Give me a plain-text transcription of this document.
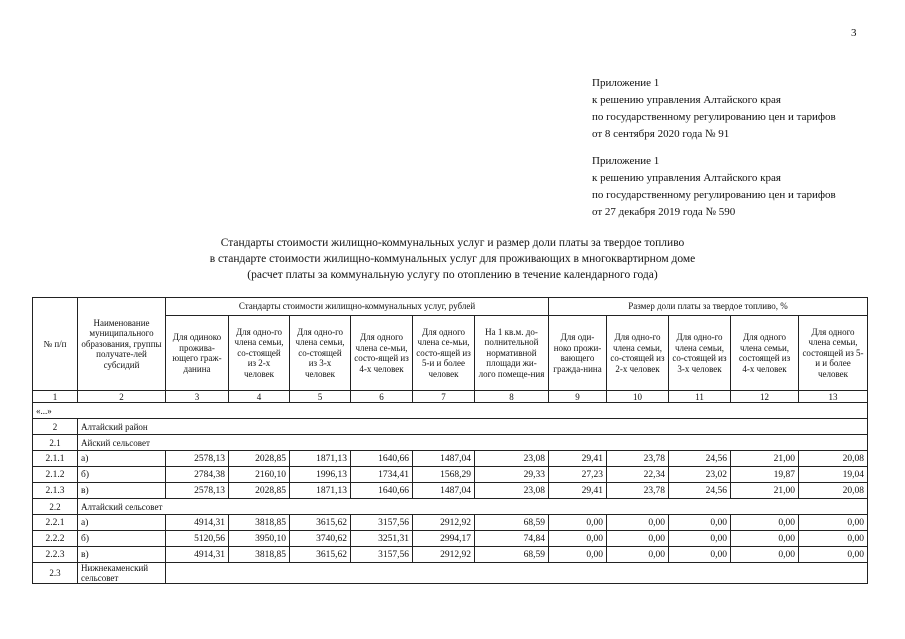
3
Приложение 1
к решению управления Алтайского края
по государственному регулированию цен и тарифов
от 8 сентября 2020 года № 91
Приложение 1
к решению управления Алтайского края
по государственному регулированию цен и тарифов
от 27 декабря 2019 года № 590
Стандарты стоимости жилищно-коммунальных услуг и размер доли платы за твердое топливо
в стандарте стоимости жилищно-коммунальных услуг для проживающих в многоквартирном доме
(расчет платы за коммунальную услугу по отоплению в течение календарного года)
№ п/п	Наименование муниципального образования, группы получате-лей субсидий	Стандарты стоимости жилищно-коммунальных услуг, рублей						Размер доли платы за твердое топливо, %				
		Для одиноко прожива-ющего граж-данина	Для одно-го члена семьи, со-стоящей из 2-х человек	Для одно-го члена семьи, со-стоящей из 3-х человек	Для одного члена се-мьи, состо-ящей из 4-х человек	Для одного члена се-мьи, состо-ящей из 5-и и более человек	На 1 кв.м. до-полнительной нормативной площади жи-лого помеще-ния	Для оди-ноко прожи-вающего гражда-нина	Для одно-го члена семьи, со-стоящей из 2-х человек	Для одно-го члена семьи, со-стоящей из 3-х человек	Для одного члена семьи, состоящей из 4-х человек	Для одного члена семьи, состоящей из 5-и и более человек
1	2	3	4	5	6	7	8	9	10	11	12	13
«...»												
2	Алтайский район											
2.1	Айский сельсовет											
2.1.1	а)	2578,13	2028,85	1871,13	1640,66	1487,04	23,08	29,41	23,78	24,56	21,00	20,08
2.1.2	б)	2784,38	2160,10	1996,13	1734,41	1568,29	29,33	27,23	22,34	23,02	19,87	19,04
2.1.3	в)	2578,13	2028,85	1871,13	1640,66	1487,04	23,08	29,41	23,78	24,56	21,00	20,08
2.2	Алтайский сельсовет											
2.2.1	а)	4914,31	3818,85	3615,62	3157,56	2912,92	68,59	0,00	0,00	0,00	0,00	0,00
2.2.2	б)	5120,56	3950,10	3740,62	3251,31	2994,17	74,84	0,00	0,00	0,00	0,00	0,00
2.2.3	в)	4914,31	3818,85	3615,62	3157,56	2912,92	68,59	0,00	0,00	0,00	0,00	0,00
2.3	Нижнекаменский сельсовет											
